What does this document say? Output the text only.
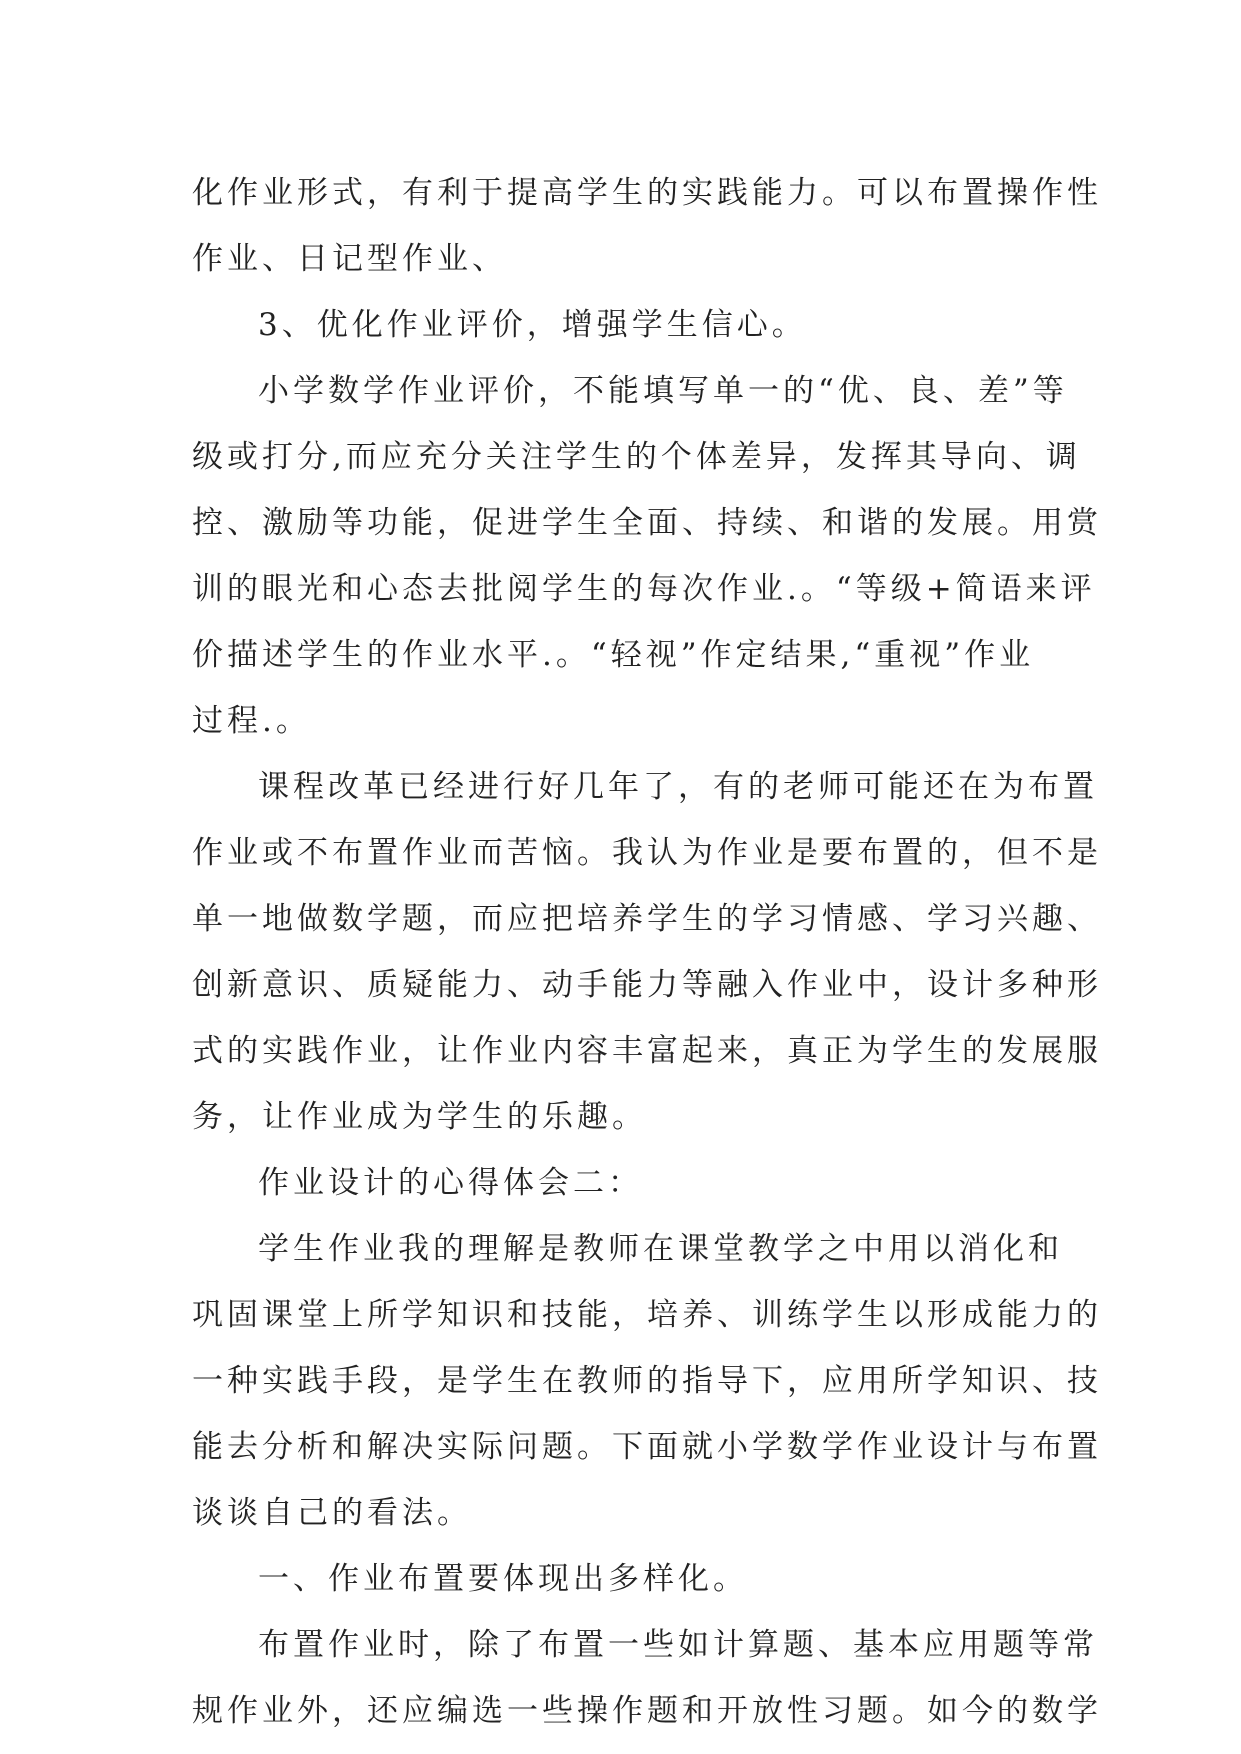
化作业形式，有利于提高学生的实践能力。可以布置操作性
作业、日记型作业、
3、优化作业评价，增强学生信心。
小学数学作业评价，不能填写单一的“优、良、差”等
级或打分,而应充分关注学生的个体差异，发挥其导向、调
控、激励等功能，促进学生全面、持续、和谐的发展。用赏
训的眼光和心态去批阅学生的每次作业.。“等级+简语来评
价描述学生的作业水平.。“轻视”作定结果,“重视”作业
过程.。
课程改革已经进行好几年了，有的老师可能还在为布置
作业或不布置作业而苦恼。我认为作业是要布置的，但不是
单一地做数学题，而应把培养学生的学习情感、学习兴趣、
创新意识、质疑能力、动手能力等融入作业中，设计多种形
式的实践作业，让作业内容丰富起来，真正为学生的发展服
务，让作业成为学生的乐趣。
作业设计的心得体会二：
学生作业我的理解是教师在课堂教学之中用以消化和
巩固课堂上所学知识和技能，培养、训练学生以形成能力的
一种实践手段，是学生在教师的指导下，应用所学知识、技
能去分析和解决实际问题。下面就小学数学作业设计与布置
谈谈自己的看法。
一、作业布置要体现出多样化。
布置作业时，除了布置一些如计算题、基本应用题等常
规作业外，还应编选一些操作题和开放性习题。如今的数学
